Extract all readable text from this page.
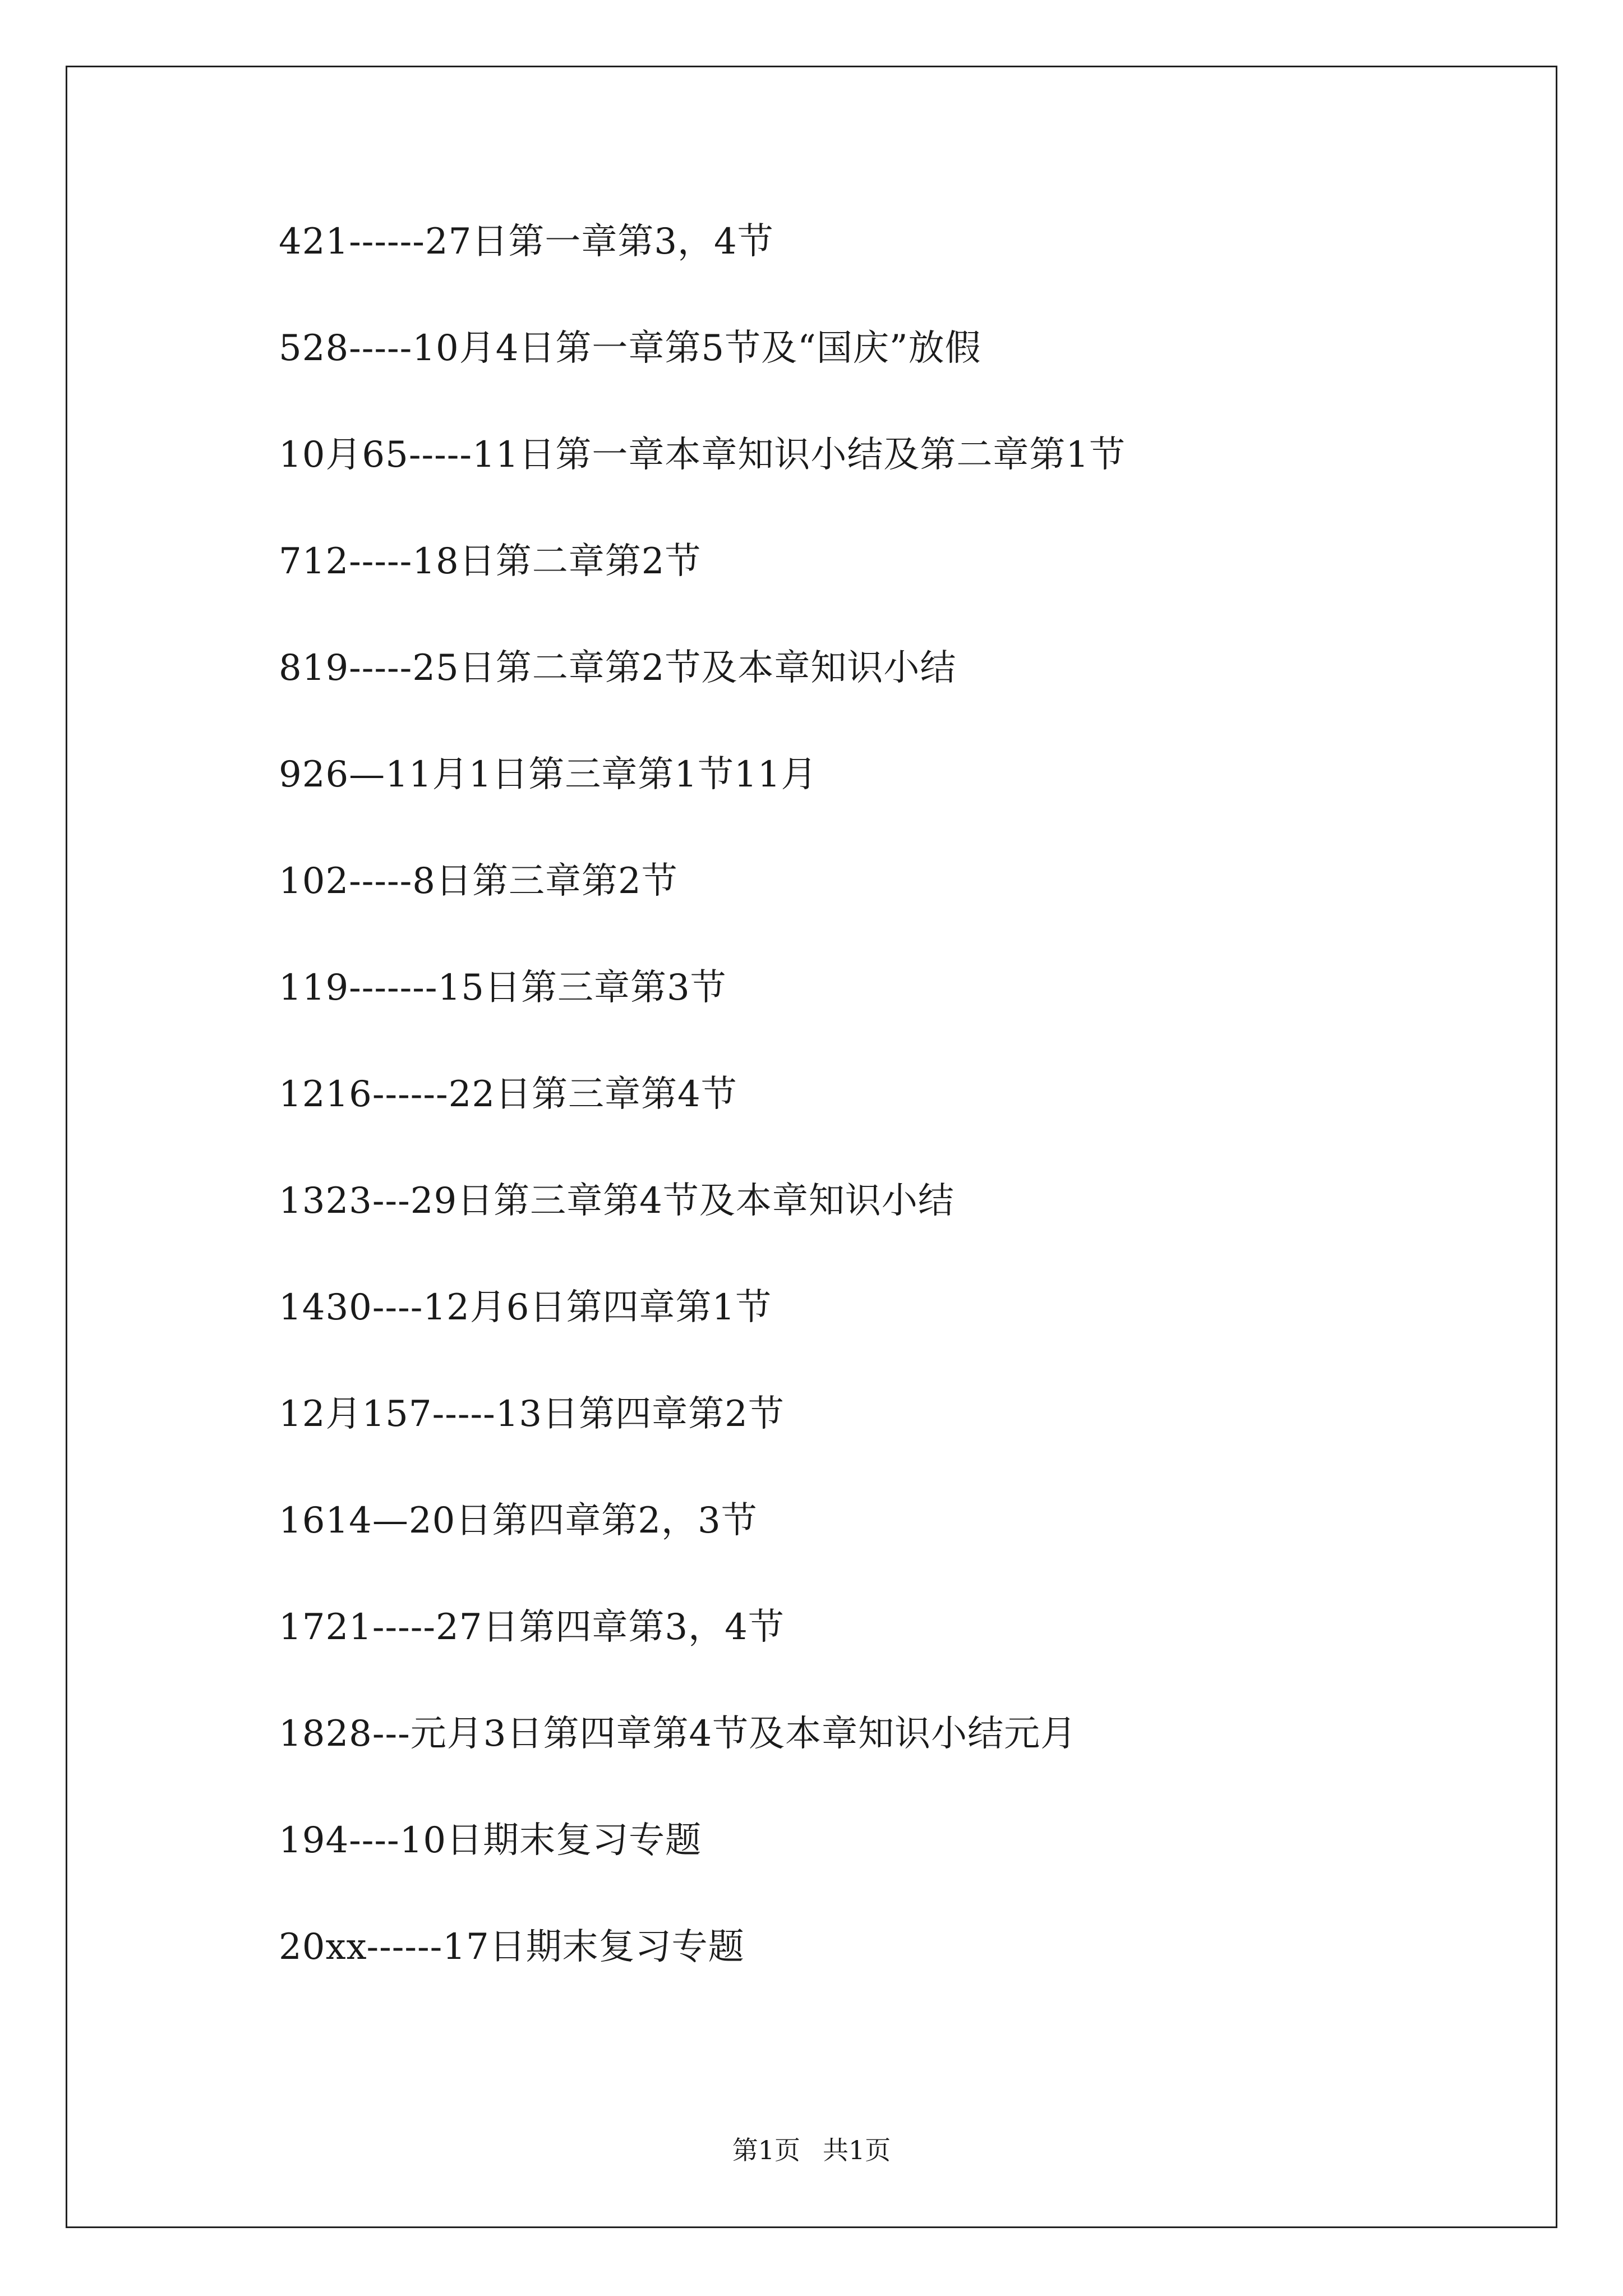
421------27日第一章第3，4节
528-----10月4日第一章第5节及“国庆”放假
10月65-----11日第一章本章知识小结及第二章第1节
712-----18日第二章第2节
819-----25日第二章第2节及本章知识小结
926—11月1日第三章第1节11月
102-----8日第三章第2节
119-------15日第三章第3节
1216------22日第三章第4节
1323---29日第三章第4节及本章知识小结
1430----12月6日第四章第1节
12月157-----13日第四章第2节
1614—20日第四章第2，3节
1721-----27日第四章第3，4节
1828---元月3日第四章第4节及本章知识小结元月
194----10日期末复习专题
20xx------17日期末复习专题
第1页 共1页
